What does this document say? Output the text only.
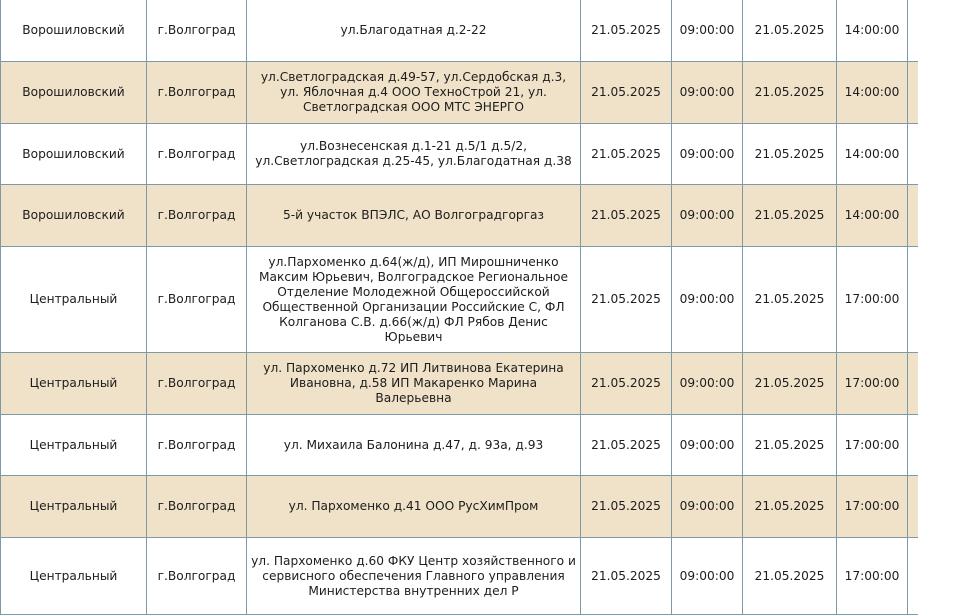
Ворошиловский	г.Волгоград	ул.Благодатная д.2-22	21.05.2025	09:00:00	21.05.2025	14:00:00	
Ворошиловский	г.Волгоград	ул.Светлоградская д.49-57, ул.Сердобская д.3, ул. Яблочная д.4 ООО ТехноСтрой 21, ул. Светлоградская ООО МТС ЭНЕРГО	21.05.2025	09:00:00	21.05.2025	14:00:00	
Ворошиловский	г.Волгоград	ул.Вознесенская д.1-21 д.5/1 д.5/2, ул.Светлоградская д.25-45, ул.Благодатная д.38	21.05.2025	09:00:00	21.05.2025	14:00:00	
Ворошиловский	г.Волгоград	5-й участок ВПЭЛС, АО Волгоградгоргаз	21.05.2025	09:00:00	21.05.2025	14:00:00	
Центральный	г.Волгоград	ул.Пархоменко д.64(ж/д), ИП Мирошниченко Максим Юрьевич, Волгоградское Региональное Отделение Молодежной Общероссийской Общественной Организации Российские С, ФЛ Колганова С.В. д.66(ж/д) ФЛ Рябов Денис Юрьевич	21.05.2025	09:00:00	21.05.2025	17:00:00	
Центральный	г.Волгоград	ул. Пархоменко д.72 ИП Литвинова Екатерина Ивановна, д.58 ИП Макаренко Марина Валерьевна	21.05.2025	09:00:00	21.05.2025	17:00:00	
Центральный	г.Волгоград	ул. Михаила Балонина д.47, д. 93а, д.93	21.05.2025	09:00:00	21.05.2025	17:00:00	
Центральный	г.Волгоград	ул. Пархоменко д.41 ООО РусХимПром	21.05.2025	09:00:00	21.05.2025	17:00:00	
Центральный	г.Волгоград	ул. Пархоменко д.60 ФКУ Центр хозяйственного и сервисного обеспечения Главного управления Министерства внутренних дел Р	21.05.2025	09:00:00	21.05.2025	17:00:00	
